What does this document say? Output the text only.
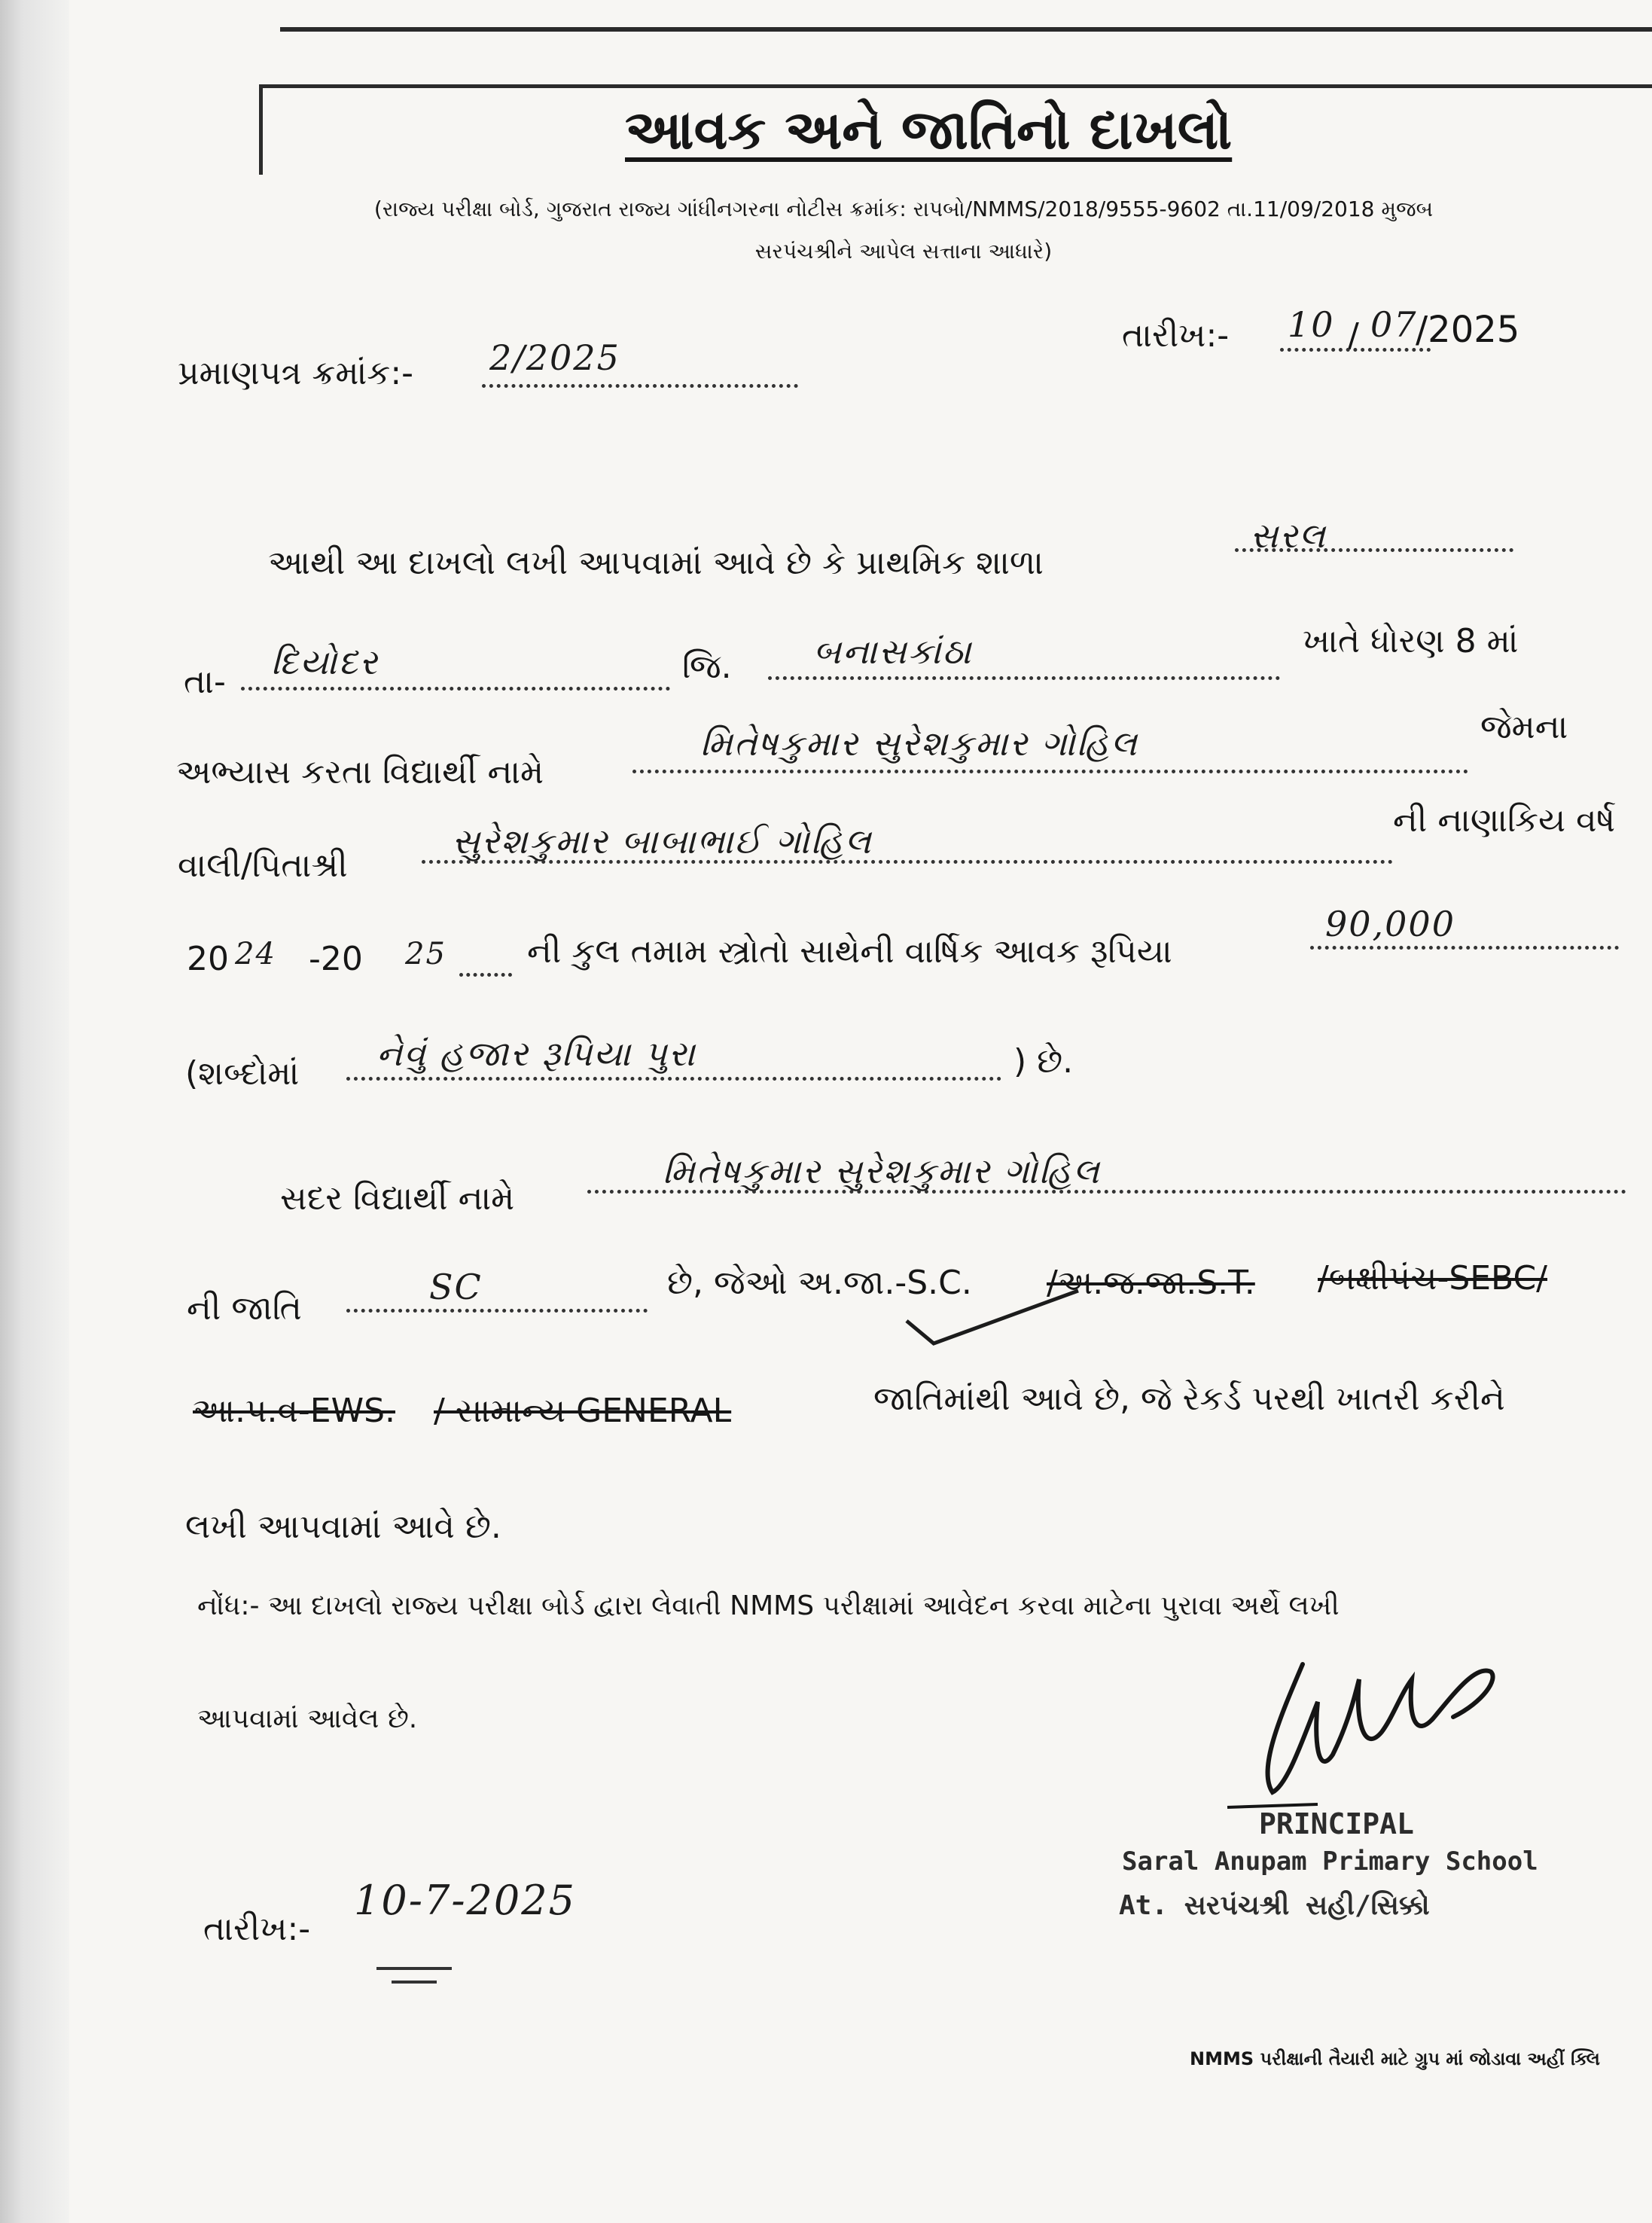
આવક અને જાતિનો દાખલો
(રાજ્ય પરીક્ષા બોર્ડ, ગુજરાત રાજ્ય ગાંધીનગરના નોટીસ ક્રમાંક: રાપબો/NMMS/2018/9555-9602 તા.11/09/2018 મુજબ
સરપંચશ્રીને આપેલ સત્તાના આધારે)
પ્રમાણપત્ર ક્રમાંક:- 2/2025
તારીખ:- 10 / 07
/2025
આથી આ દાખલો લખી આપવામાં આવે છે કે પ્રાથમિક શાળા
સરલ
તા- દિયોદર	જિ. બનાસકાંઠા	ખાતે ધોરણ 8 માં
અભ્યાસ કરતા વિદ્યાર્થી નામે
મિતેષકુમાર સુરેશકુમાર ગોહિલ	જેમના
વાલી/પિતાશ્રી
સુરેશકુમાર બાબાભાઈ ગોહિલ
ની નાણાકિય વર્ષ
20 24 -20 25 ની કુલ તમામ સ્ત્રોતો સાથેની વાર્ષિક આવક રૂપિયા
90,000
(શબ્દોમાં નેવું હજાર રૂપિયા પુરા	) છે.
સદર વિદ્યાર્થી નામે
મિતેષકુમાર સુરેશકુમાર ગોહિલ
ની જાતિ
SC	છે, જેઓ અ.જા.-S.C. /અ.જ.જા.S.T. /બક્ષીપંચ-SEBC/
આ.પ.વ-EWS. / સામાન્ય GENERAL	જાતિમાંથી આવે છે, જે રેકર્ડ પરથી ખાતરી કરીને
લખી આપવામાં આવે છે.
નોંધ:- આ દાખલો રાજ્ય પરીક્ષા બોર્ડ દ્વારા લેવાતી NMMS પરીક્ષામાં આવેદન કરવા માટેના પુરાવા અર્થે લખી
આપવામાં આવેલ છે.
PRINCIPAL
Saral Anupam Primary School
At. સરપંચશ્રી સહી/સિક્કો
તારીખ:-
10-7-2025
NMMS પરીક્ષાની તૈયારી માટે ગ્રુપ માં જોડાવા અહીં ક્લિ
